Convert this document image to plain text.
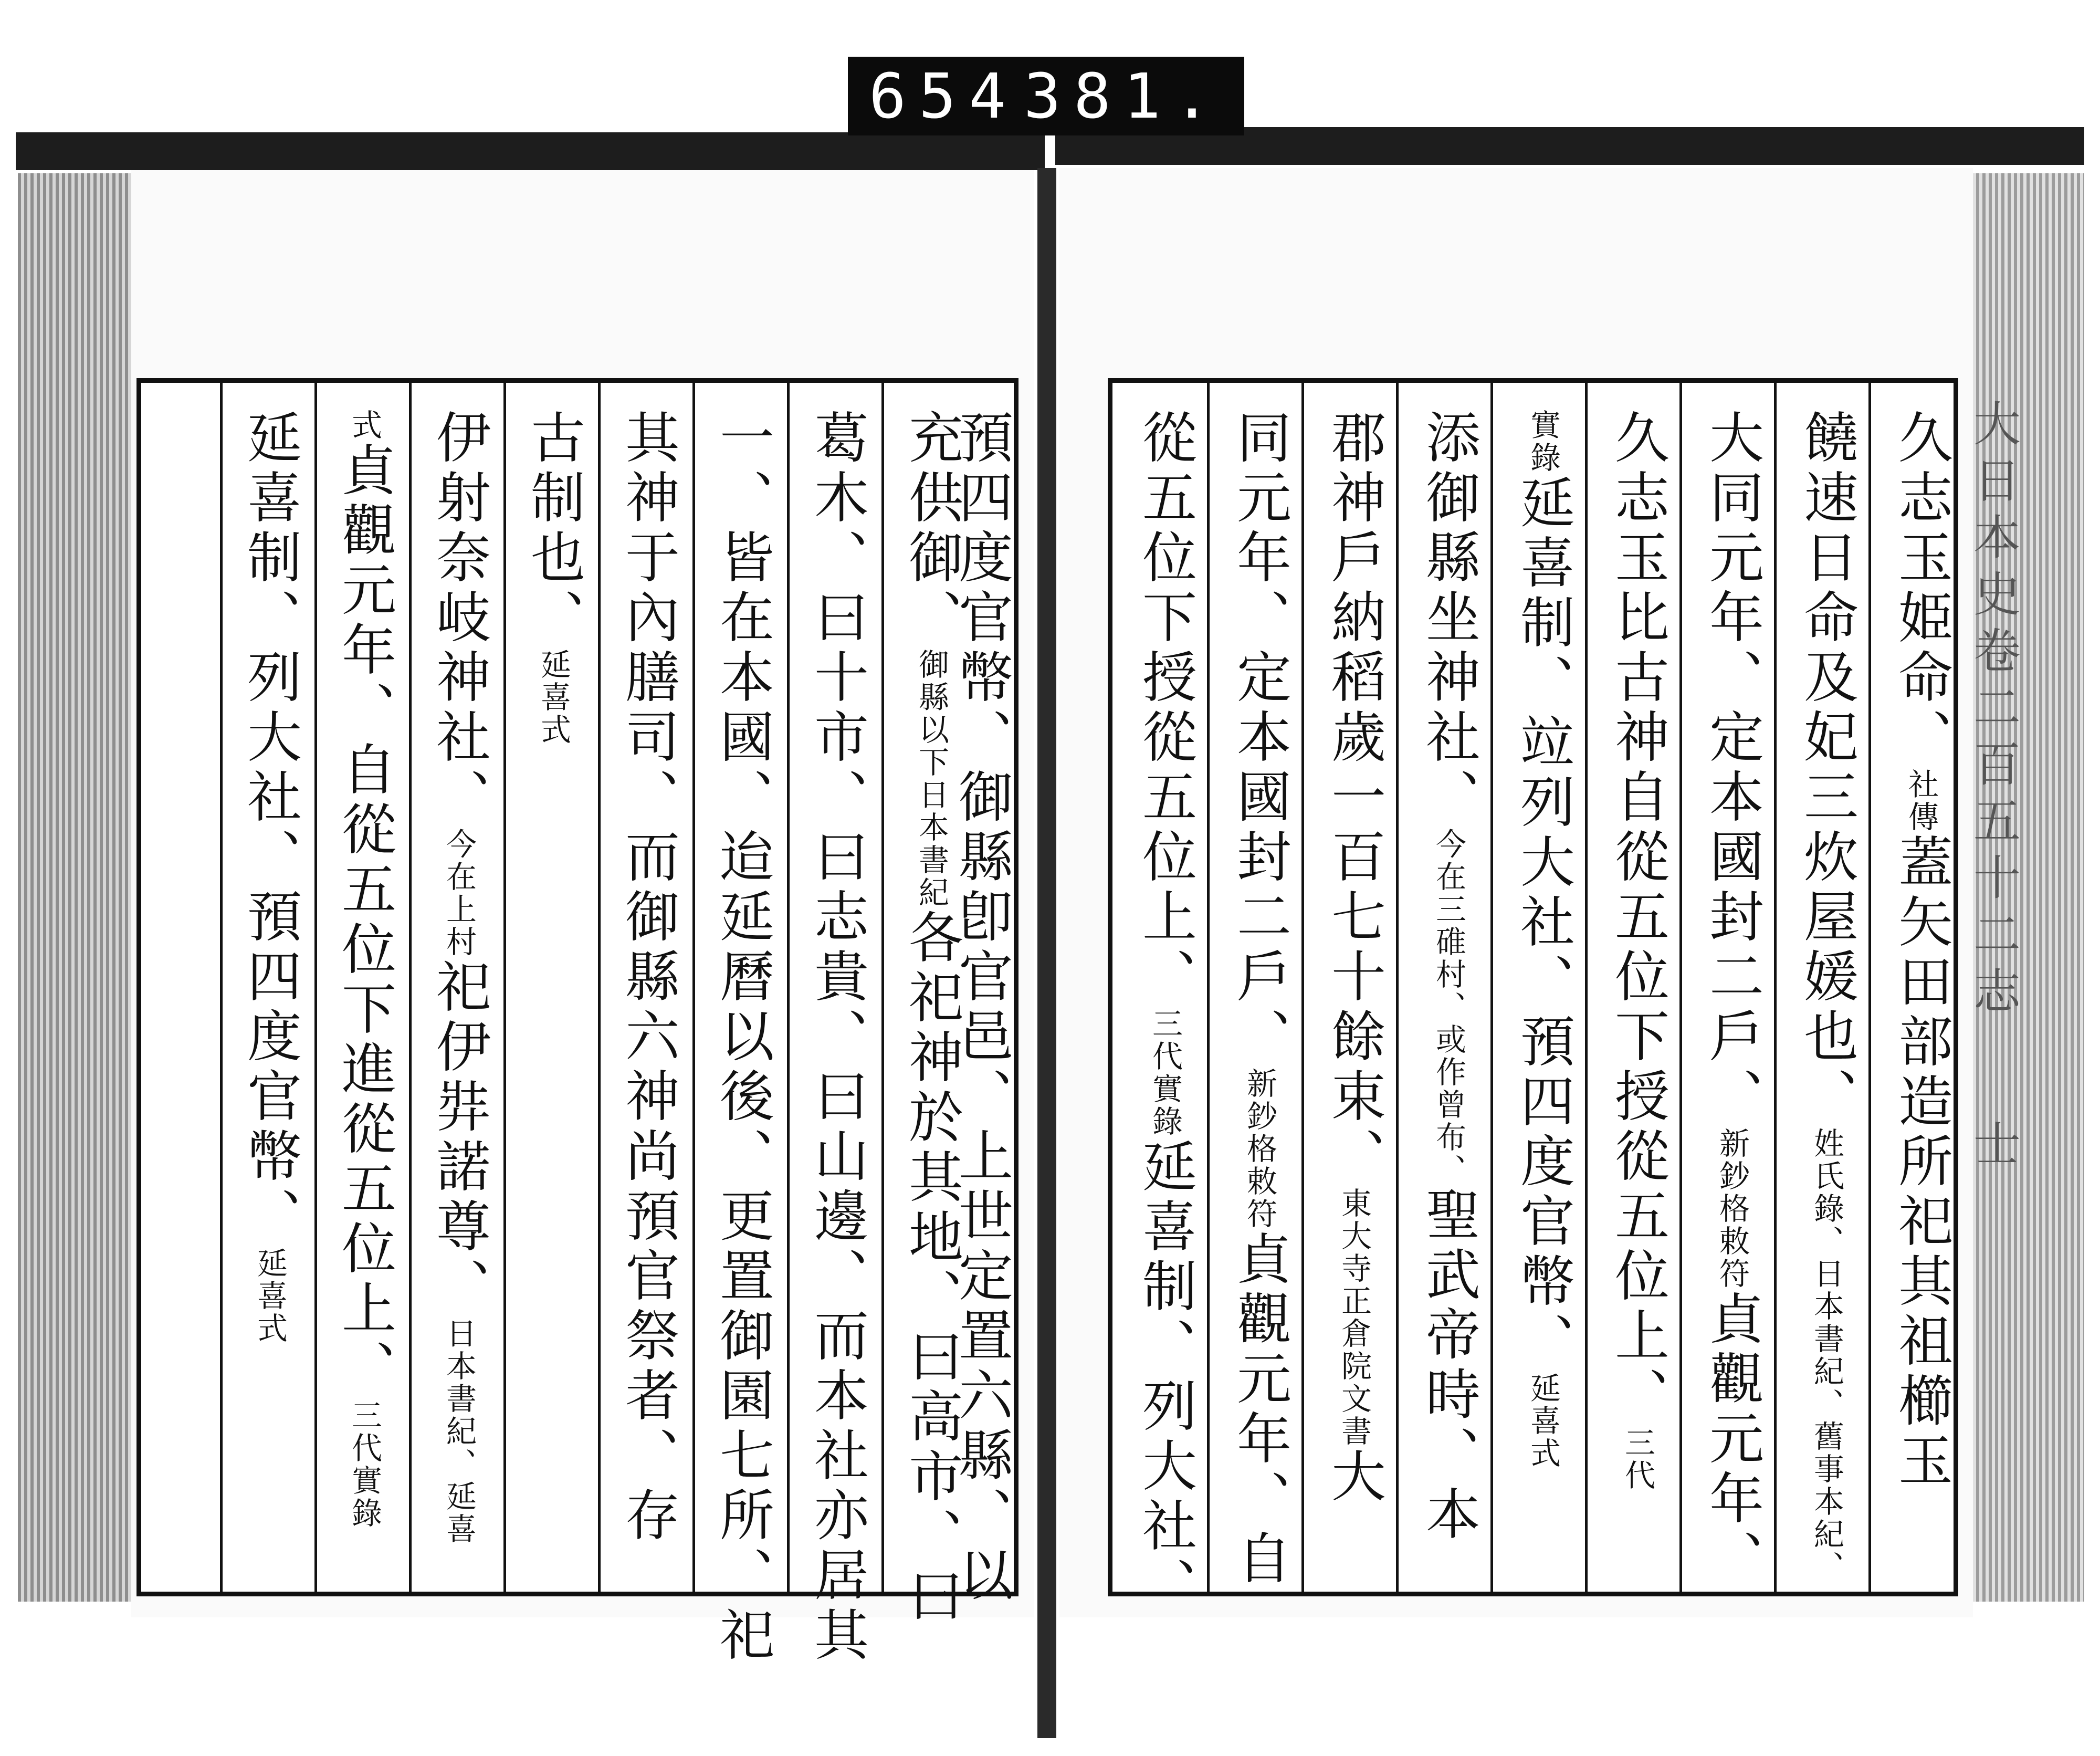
654 381.

大日本史卷二百五十二志 士
延喜制、列大社、預四度官幣、延喜式
式貞觀元年、自從五位下進從五位上、三代實錄
伊射奈岐神社、今在上村祀伊弉諾尊、日本書紀、延喜
古制也、延喜式 其神于內膳司、而御縣六神尚預官祭者、存 一、皆在本國、迨延曆以後、更置御園七所、祀 葛木、曰十市、曰志貴、曰山邊、而本社亦居其 充供御、御縣以下日本書紀各祀神於其地、曰高市、曰
預四度官幣、御縣卽官邑、上世定置六縣、以	久志玉姫命、社傳蓋矢田部造所祀其祖櫛玉
饒速日命及妃三炊屋媛也、姓氏錄、日本書紀、舊事本紀、
大同元年、定本國封二戶、新鈔格敕符貞觀元年、
久志玉比古神自從五位下授從五位上、三代
實錄延喜制、竝列大社、預四度官幣、延喜式
添御縣坐神社、今在三碓村、或作曾布、聖武帝時、本
郡神戶納稻歲一百七十餘束、東大寺正倉院文書大
同元年、定本國封二戶、新鈔格敕符貞觀元年、自
從五位下授從五位上、三代實錄延喜制、列大社、
